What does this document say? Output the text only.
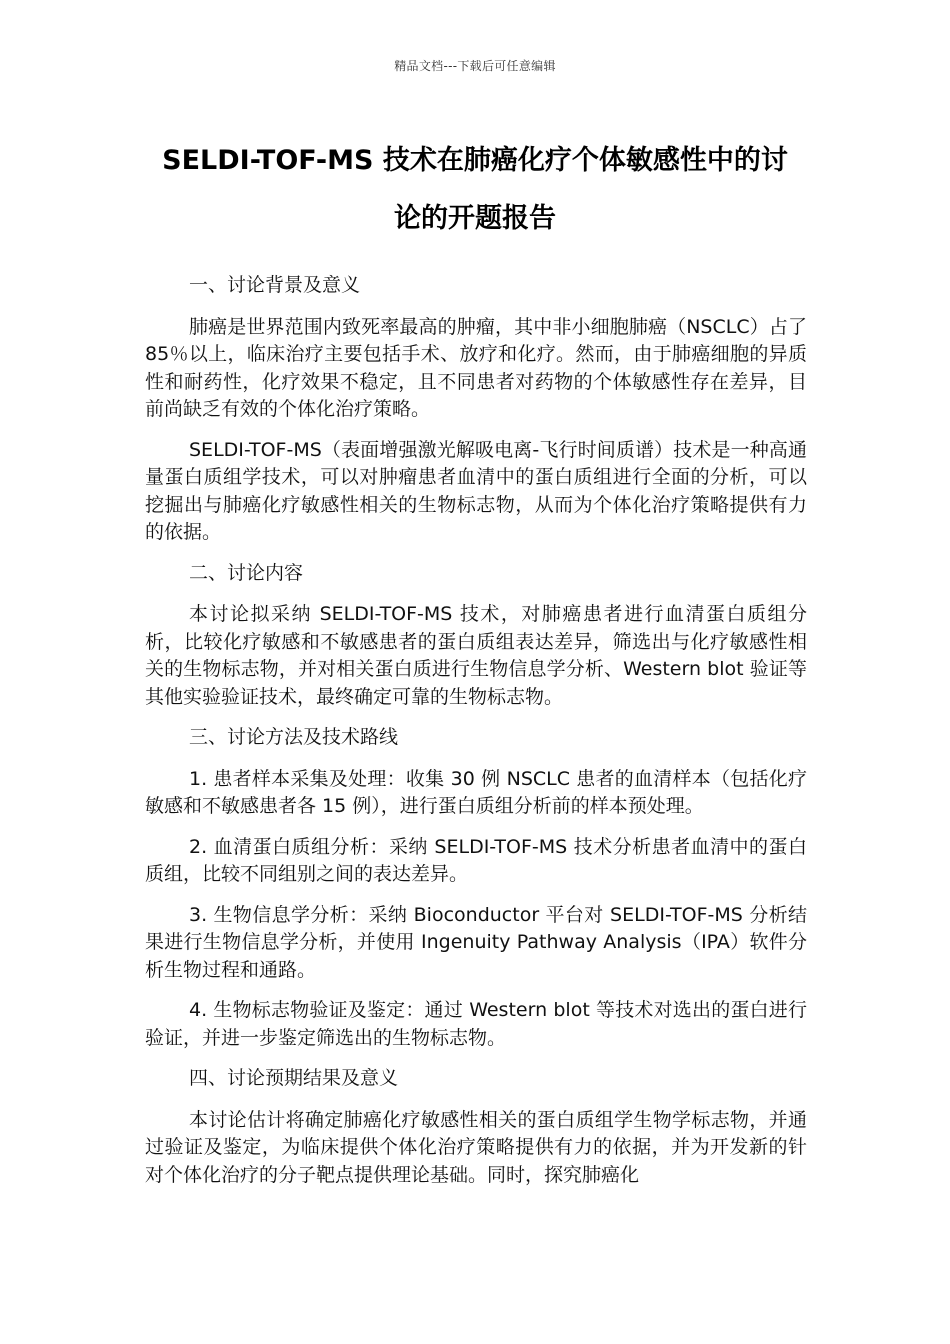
精品文档---下载后可任意编辑
SELDI-TOF-MS 技术在肺癌化疗个体敏感性中的讨
论的开题报告

一、讨论背景及意义

肺癌是世界范围内致死率最高的肿瘤，其中非小细胞肺癌（NSCLC）占了 85％以上，临床治疗主要包括手术、放疗和化疗。然而，由于肺癌细胞的异质性和耐药性，化疗效果不稳定，且不同患者对药物的个体敏感性存在差异，目前尚缺乏有效的个体化治疗策略。

SELDI-TOF-MS（表面增强激光解吸电离-飞行时间质谱）技术是一种高通量蛋白质组学技术，可以对肿瘤患者血清中的蛋白质组进行全面的分析，可以挖掘出与肺癌化疗敏感性相关的生物标志物，从而为个体化治疗策略提供有力的依据。

二、讨论内容

本讨论拟采纳 SELDI-TOF-MS 技术，对肺癌患者进行血清蛋白质组分析，比较化疗敏感和不敏感患者的蛋白质组表达差异，筛选出与化疗敏感性相关的生物标志物，并对相关蛋白质进行生物信息学分析、Western blot 验证等其他实验验证技术，最终确定可靠的生物标志物。

三、讨论方法及技术路线

1. 患者样本采集及处理：收集 30 例 NSCLC 患者的血清样本（包括化疗敏感和不敏感患者各 15 例），进行蛋白质组分析前的样本预处理。

2. 血清蛋白质组分析：采纳 SELDI-TOF-MS 技术分析患者血清中的蛋白质组，比较不同组别之间的表达差异。

3. 生物信息学分析：采纳 Bioconductor 平台对 SELDI-TOF-MS 分析结果进行生物信息学分析，并使用 Ingenuity Pathway Analysis（IPA）软件分析生物过程和通路。

4. 生物标志物验证及鉴定：通过 Western blot 等技术对选出的蛋白进行验证，并进一步鉴定筛选出的生物标志物。

四、讨论预期结果及意义

本讨论估计将确定肺癌化疗敏感性相关的蛋白质组学生物学标志物，并通过验证及鉴定，为临床提供个体化治疗策略提供有力的依据，并为开发新的针对个体化治疗的分子靶点提供理论基础。同时，探究肺癌化
